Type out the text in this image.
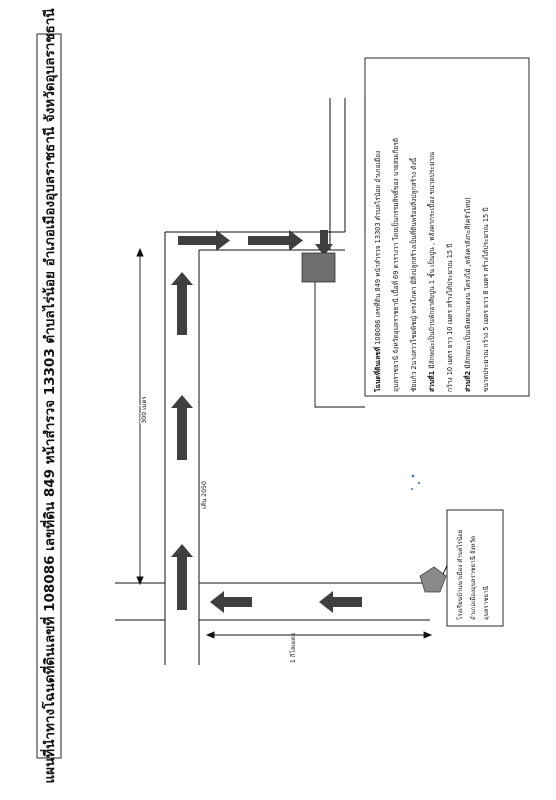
แผนที่นำทางโฉนดที่ดินเลขที่ 108086 เลขที่ดิน 849 หน้าสำรวจ 13303 ตำบลไร่น้อย อำเภอเมืองอุบลราชธานี จังหวัดอุบลราชธานี	300 เมตร
1 กิโลเมตร
เส้น 2050
โรงเรียนบ้านนาเมือง ตำบลไร่น้อย อำเภอเมืองอุบลราชธานี จังหวัด อุบลราชธานี
โฉนดที่ดินเลขที่ 108086 เลขที่ดิน 849 หน้าสำรวจ 13303 ตำบลไร่น้อย อำเภอเมือง อุบลราชธานี จังหวัดอุบลราชธานี เนื้อที่ 69 ตารางวา โดยเป็นกรรมสิทธิ์ของ นายสมเกียรติ ชัยแก้ว 2นางสาวโชมพิชญ์ ทรงโภคา มีสิ่งปลูกสร้างเป็นที่ดินพร้อมสิ่งปลูกสร้าง ดังนี้	ส่วนที่1 มีลักษณะเป็นบ้านพักอาศัยปูน 1 ชั้น เป็นปูน , หลังคากระเบื้อง ขนาดประมาณ กว้าง 10 เมตร ยาว 10 เมตร สร้างได้ประมาณ 15 ปี	ส่วนที่2 มีลักษณะเป็นเพิงหมาแหงน โครงไม้ ,หลังคาสังกะสี(ครัวไทย) ขนาดประมาณ กว้าง 5 เมตร ยาว 8 เมตร สร้างได้ประมาณ 15 ปี
